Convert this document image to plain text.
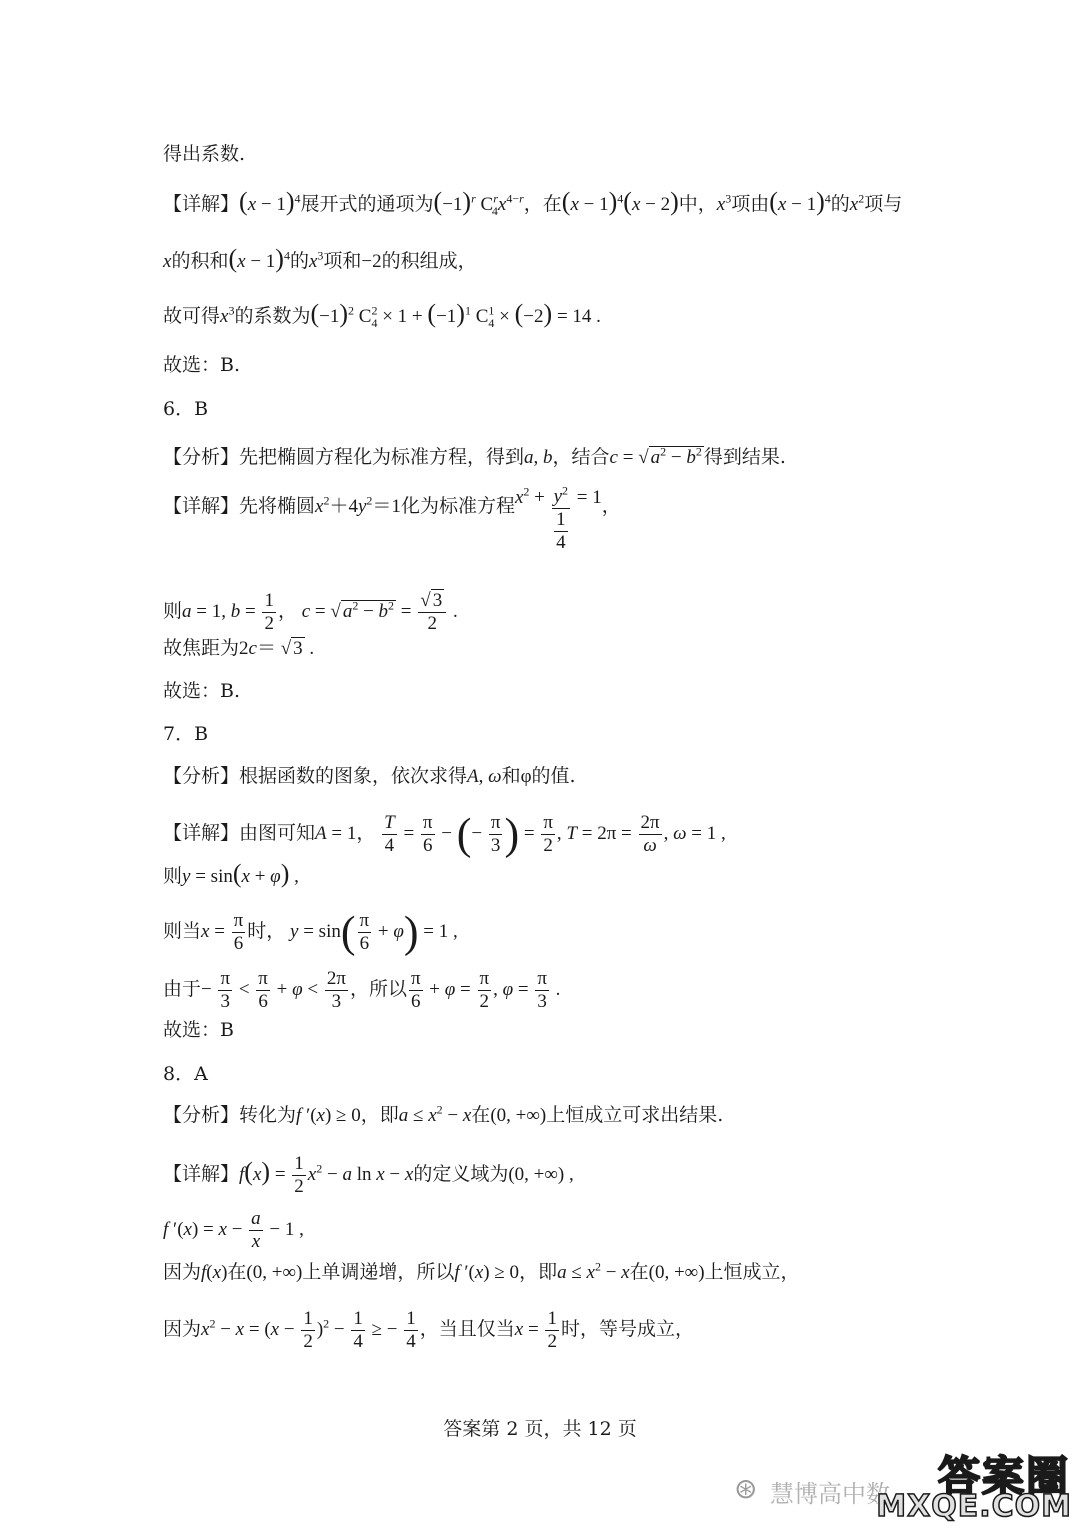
得出系数.
【详解】$(x - 1)^4$展开式的通项为$(-1)^r$ $C^r_4x^{4-r}$，在$(x - 1)^4(x - 2)$中，$x^3$项由$(x - 1)^4$的$x^2$项与
x的积和$(x - 1)^4$的$x^3$项和−2的积组成，
故可得$x^3$的系数为$(-1)^2$ $C^2_4 \times 1 + (-1)^1$ $C^1_4 \times (-2) = 14$ .
故选：B.
6．B
【分析】先把椭圆方程化为标准方程，得到a, b，结合c = √ $a^2 - b^2$ 得到结果.
【详解】先将椭圆$x^2+4y^2=1$化为标准方程$x^2 + \frac{y^2}{\frac{1}{4}} = 1$，
则a = 1, $b = \frac{1}{2}$ ， c = √ $a^2 - b^2 = \frac{√ 3}{2}$ .
故焦距为2c＝ √ 3 .
故选：B.
7．B
【分析】根据函数的图象，依次求得A, ω和φ的值.
【详解】由图可知A = 1， $\frac{T}{4} = \frac{\pi}{6}$ − (− $\frac{\pi}{3}$ ) = $\frac{\pi}{2}$ , $T = 2\pi = \frac{2\pi}{\omega}$ , ω = 1 ,
则y = sin(x + φ) ,
则当$x = \frac{\pi}{6}$ 时， $y = \sin( \frac{\pi}{6} + \varphi) = 1$ ,
由于− $\frac{\pi}{3} < \frac{\pi}{6} + \varphi < \frac{2\pi}{3}$ ，所以 $\frac{\pi}{6} + \varphi = \frac{\pi}{2}$ , $\varphi = \frac{\pi}{3}$ .
故选：B
8．A
【分析】转化为f ′(x) ≥ 0，即$a \le x^2 - x$在(0, +∞)上恒成立可求出结果.
【详解】$f(x) = \frac{1}{2} x^2 - a$ ln x − x的定义域为(0, +∞) ,
f $'(x) = x - \frac{a}{x} - 1$ ,
因为f(x)在(0, +∞)上单调递增，所以f ′(x) ≥ 0，即$a \le x^2 - x$在(0, +∞)上恒成立，
因为$x^2 - x = (x - \frac{1}{2} )^2 - \frac{1}{4}$ ≥ − $\frac{1}{4}$ ，当且仅当$x = \frac{1}{2}$ 时，等号成立，
答案第 2 页，共 12 页
⊛ 慧博高中数 答案圈
MXQE.COM
